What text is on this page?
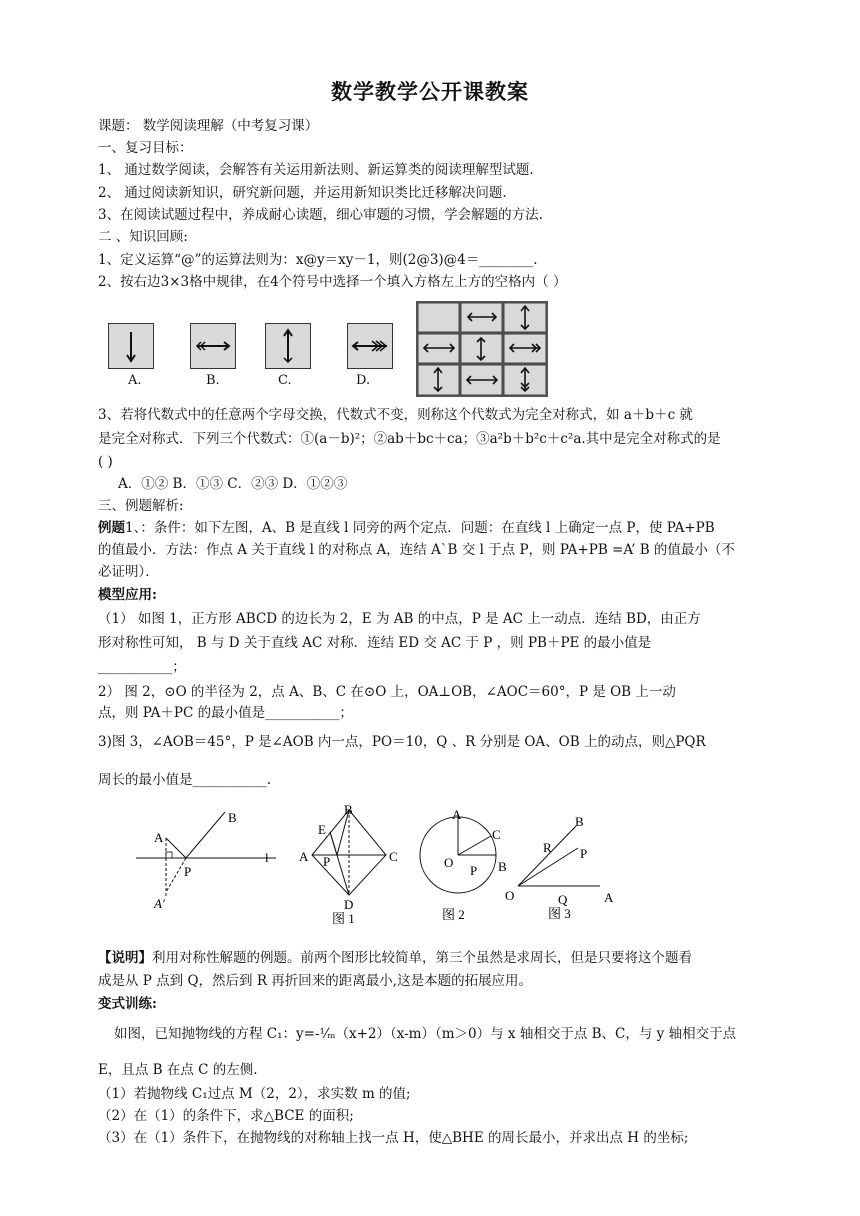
数学教学公开课教案
课题： 数学阅读理解（中考复习课）
一、复习目标：
1、 通过数学阅读，会解答有关运用新法则、新运算类的阅读理解型试题.
2、 通过阅读新知识，研究新问题，并运用新知识类比迁移解决问题.
3、在阅读试题过程中，养成耐心读题，细心审题的习惯，学会解题的方法.
二 、知识回顾:
1、定义运算“@”的运算法则为：x@y＝xy－1，则(2@3)@4＝________.
2、按右边3×3格中规律，在4个符号中选择一个填入方格左上方的空格内（ ）
A.	B.	C.	D.
3、若将代数式中的任意两个字母交换，代数式不变，则称这个代数式为完全对称式，如 a＋b＋c 就
是完全对称式．下列三个代数式：①(a－b)²；②ab＋bc＋ca；③a²b＋b²c＋c²a.其中是完全对称式的是
( )
A．①② B．①③ C．②③ D．①②③
三、例题解析:
例题1、：条件：如下左图，A、B 是直线 l 同旁的两个定点．问题：在直线 l 上确定一点 P，使 PA+PB
的值最小．方法：作点 A 关于直线 l 的对称点 A，连结 A`B 交 l 于点 P，则 PA+PB =A’ B 的值最小（不
必证明）．
模型应用:
（1） 如图 1，正方形 ABCD 的边长为 2，E 为 AB 的中点，P 是 AC 上一动点．连结 BD，由正方
形对称性可知， B 与 D 关于直线 AC 对称．连结 ED 交 AC 于 P ，则 PB＋PE 的最小值是
___________；
2） 图 2，⊙O 的半径为 2，点 A、B、C 在⊙O 上，OA⊥OB，∠AOC＝60°，P 是 OB 上一动
点，则 PA＋PC 的最小值是___________；
3)图 3，∠AOB＝45°，P 是∠AOB 内一点，PO＝10，Q 、R 分别是 OA、OB 上的动点，则△PQR
周长的最小值是___________.
A
B
P
l
A′
B
E
A	C
P
D
图 1
A
C
B
O
P
图 2
B
R P
O	Q	A
图 3
【说明】利用对称性解题的例题。前两个图形比较简单，第三个虽然是求周长，但是只要将这个题看
成是从 P 点到 Q，然后到 R 再折回来的距离最小,这是本题的拓展应用。
变式训练:
如图，已知抛物线的方程 C₁：y=-¹⁄ₘ（x+2）（x-m）（m＞0）与 x 轴相交于点 B、C，与 y 轴相交于点
E，且点 B 在点 C 的左侧.
（1）若抛物线 C₁过点 M（2，2），求实数 m 的值;
（2）在（1）的条件下，求△BCE 的面积;
（3）在（1）条件下，在抛物线的对称轴上找一点 H，使△BHE 的周长最小，并求出点 H 的坐标;
